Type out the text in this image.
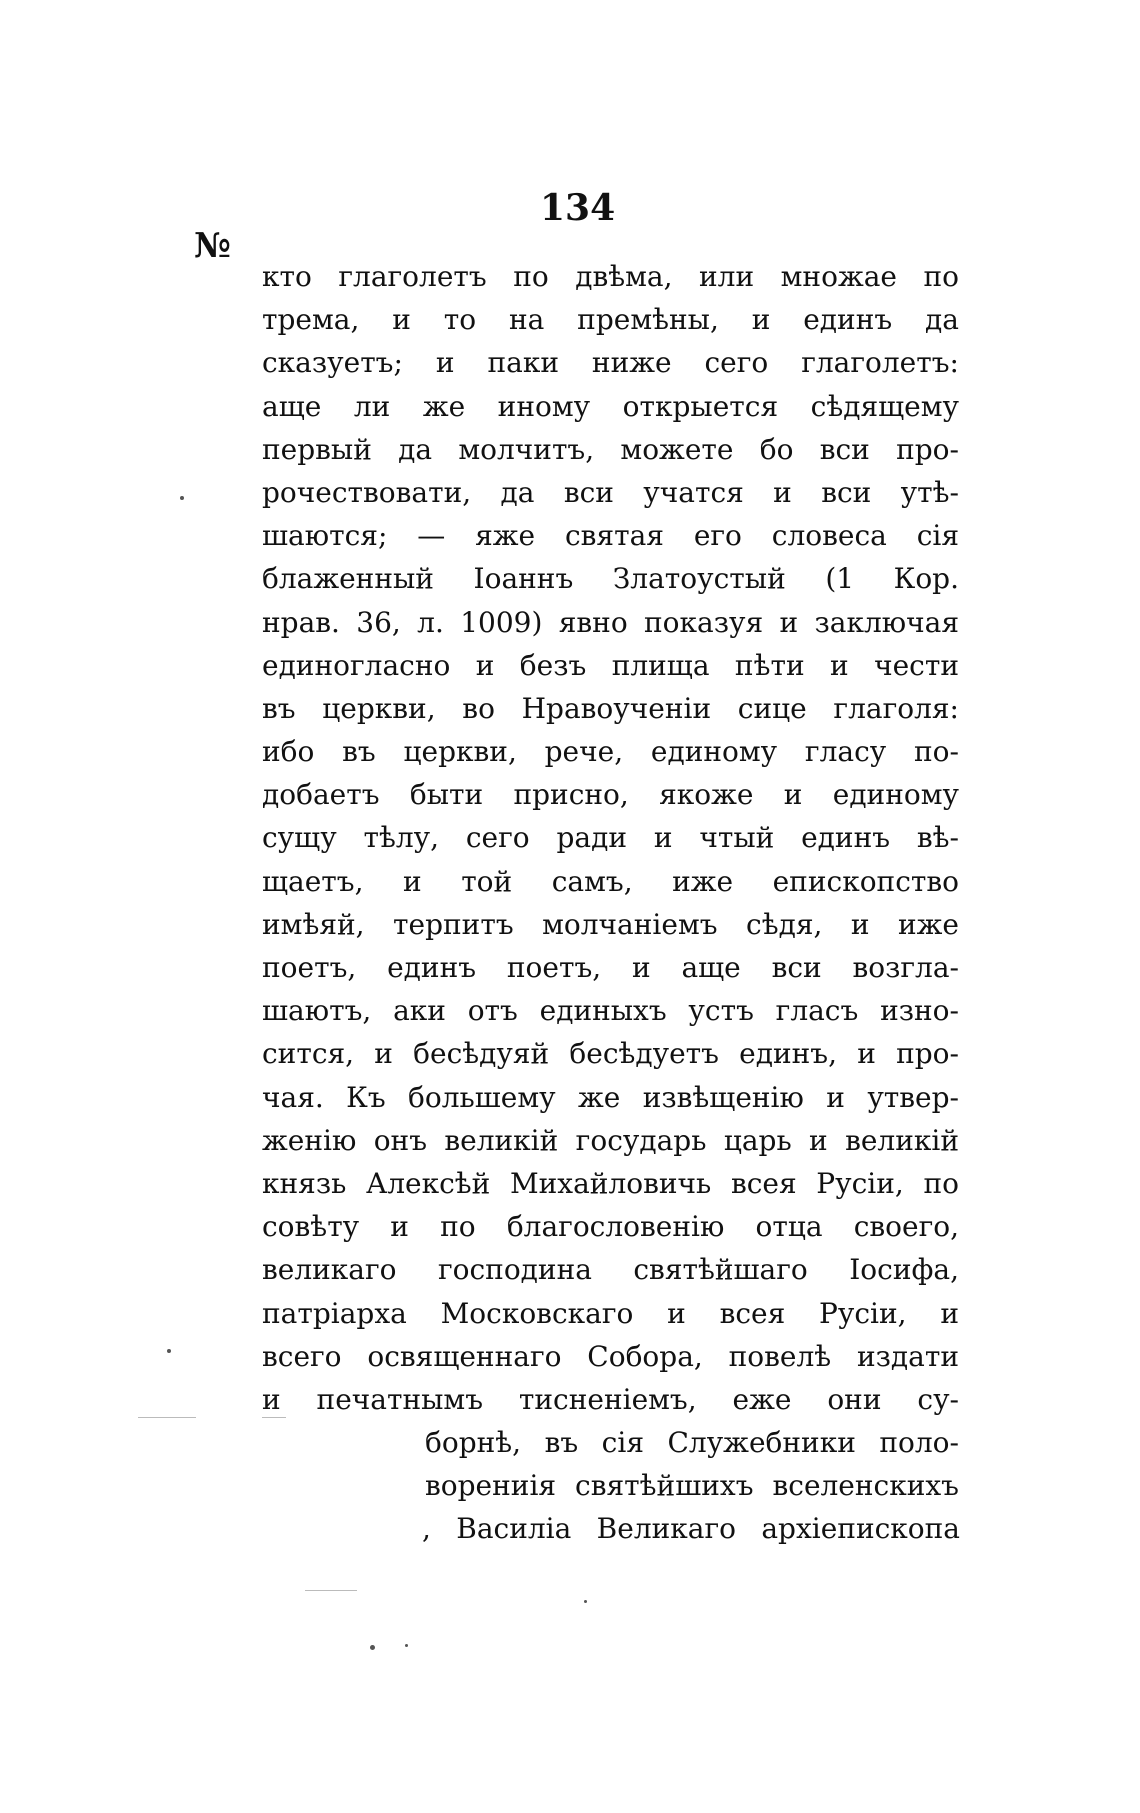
134
№
кто глаголетъ по двѣма, или множае по
трема, и то на премѣны, и единъ да
сказуетъ; и паки ниже сего глаголетъ:
аще ли же иному открыется сѣдящему
первый да молчитъ, можете бо вси про-
рочествовати, да вси учатся и вси утѣ-
шаются; — яже святая его словеса сія
блаженный Іоаннъ Златоустый (1 Кор.
нрав. 36, л. 1009) явно показуя и заключая
единогласно и безъ плища пѣти и чести
въ церкви, во Нравоученіи сице глаголя:
ибо въ церкви, рече, единому гласу по-
добаетъ быти присно, якоже и единому
сущу тѣлу, сего ради и чтый единъ вѣ-
щаетъ, и той самъ, иже епископство
имѣяй, терпитъ молчаніемъ сѣдя, и иже
поетъ, единъ поетъ, и аще вси возгла-
шаютъ, аки отъ единыхъ устъ гласъ изно-
сится, и бесѣдуяй бесѣдуетъ единъ, и про-
чая. Къ большему же извѣщенію и утвер-
женію онъ великій государь царь и великій
князь Алексѣй Михайловичь всея Русіи, по
совѣту и по благословенію отца своего,
великаго господина святѣйшаго Іосифа,
патріарха Московскаго и всея Русіи, и
всего освященнаго Собора, повелѣ издати
и печатнымъ тисненіемъ, еже они су-
борнѣ, въ сія Служебники поло-
ворениія святѣйшихъ вселенскихъ
, Василіа Великаго архіепископа
